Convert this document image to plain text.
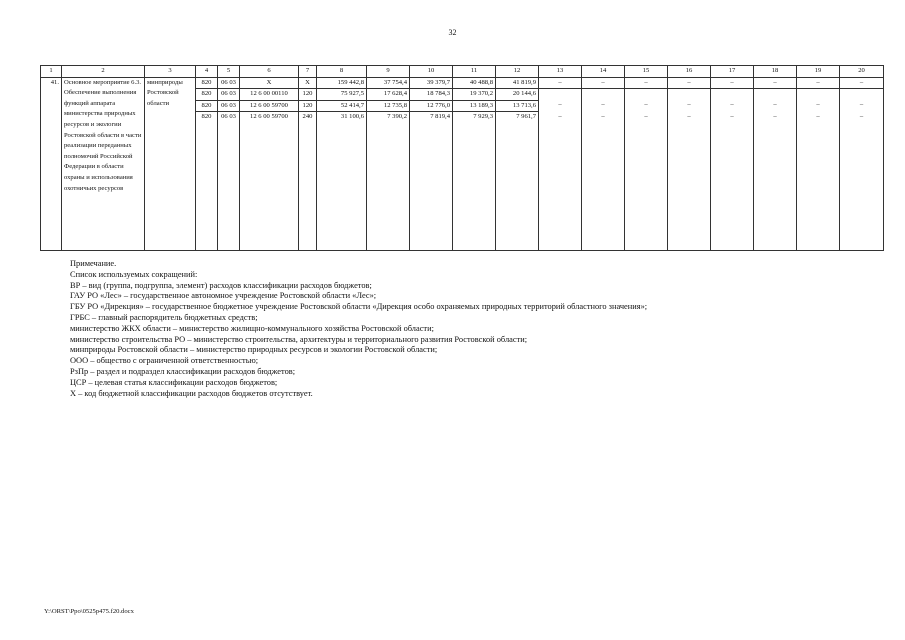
32
1	2	3	4	5	6	7	8	9	10	11	12	13	14	15	16	17	18	19	20
41.	Основное мероприятие 6.3. Обеспечение выполнения функций аппарата министерства природных ресурсов и экологии Ростовской области в части реализации переданных полномочий Российской Федерации в области охраны и использования охотничьих ресурсов	минприроды Ростовской области	820	06 03	Х	Х	159 442,8	37 754,4	39 379,7	40 488,8	41 819,9	–	–	–	–	–	–	–	–
			820	06 03	12 6 00 00110	120	75 927,5	17 628,4	18 784,3	19 370,2	20 144,6								
			820	06 03	12 6 00 59700	120	52 414,7	12 735,8	12 776,0	13 189,3	13 713,6	–	–	–	–	–	–	–	–
			820	06 03	12 6 00 59700	240	31 100,6	7 390,2	7 819,4	7 929,3	7 961,7	–	–	–	–	–	–	–	–
Примечание.
Список используемых сокращений:
ВР – вид (группа, подгруппа, элемент) расходов классификации расходов бюджетов;
ГАУ РО «Лес» – государственное автономное учреждение Ростовской области «Лес»;
ГБУ РО «Дирекция» – государственное бюджетное учреждение Ростовской области «Дирекция особо охраняемых природных территорий областного значения»;
ГРБС – главный распорядитель бюджетных средств;
министерство ЖКХ области – министерство жилищно-коммунального хозяйства Ростовской области;
министерство строительства РО – министерство строительства, архитектуры и территориального развития Ростовской области;
минприроды Ростовской области – министерство природных ресурсов и экологии Ростовской области;
ООО – общество с ограниченной ответственностью;
РзПр – раздел и подраздел классификации расходов бюджетов;
ЦСР – целевая статья классификации расходов бюджетов;
Х – код бюджетной классификации расходов бюджетов отсутствует.
Y:\ORST\Ppo\0525p475.f20.docx
